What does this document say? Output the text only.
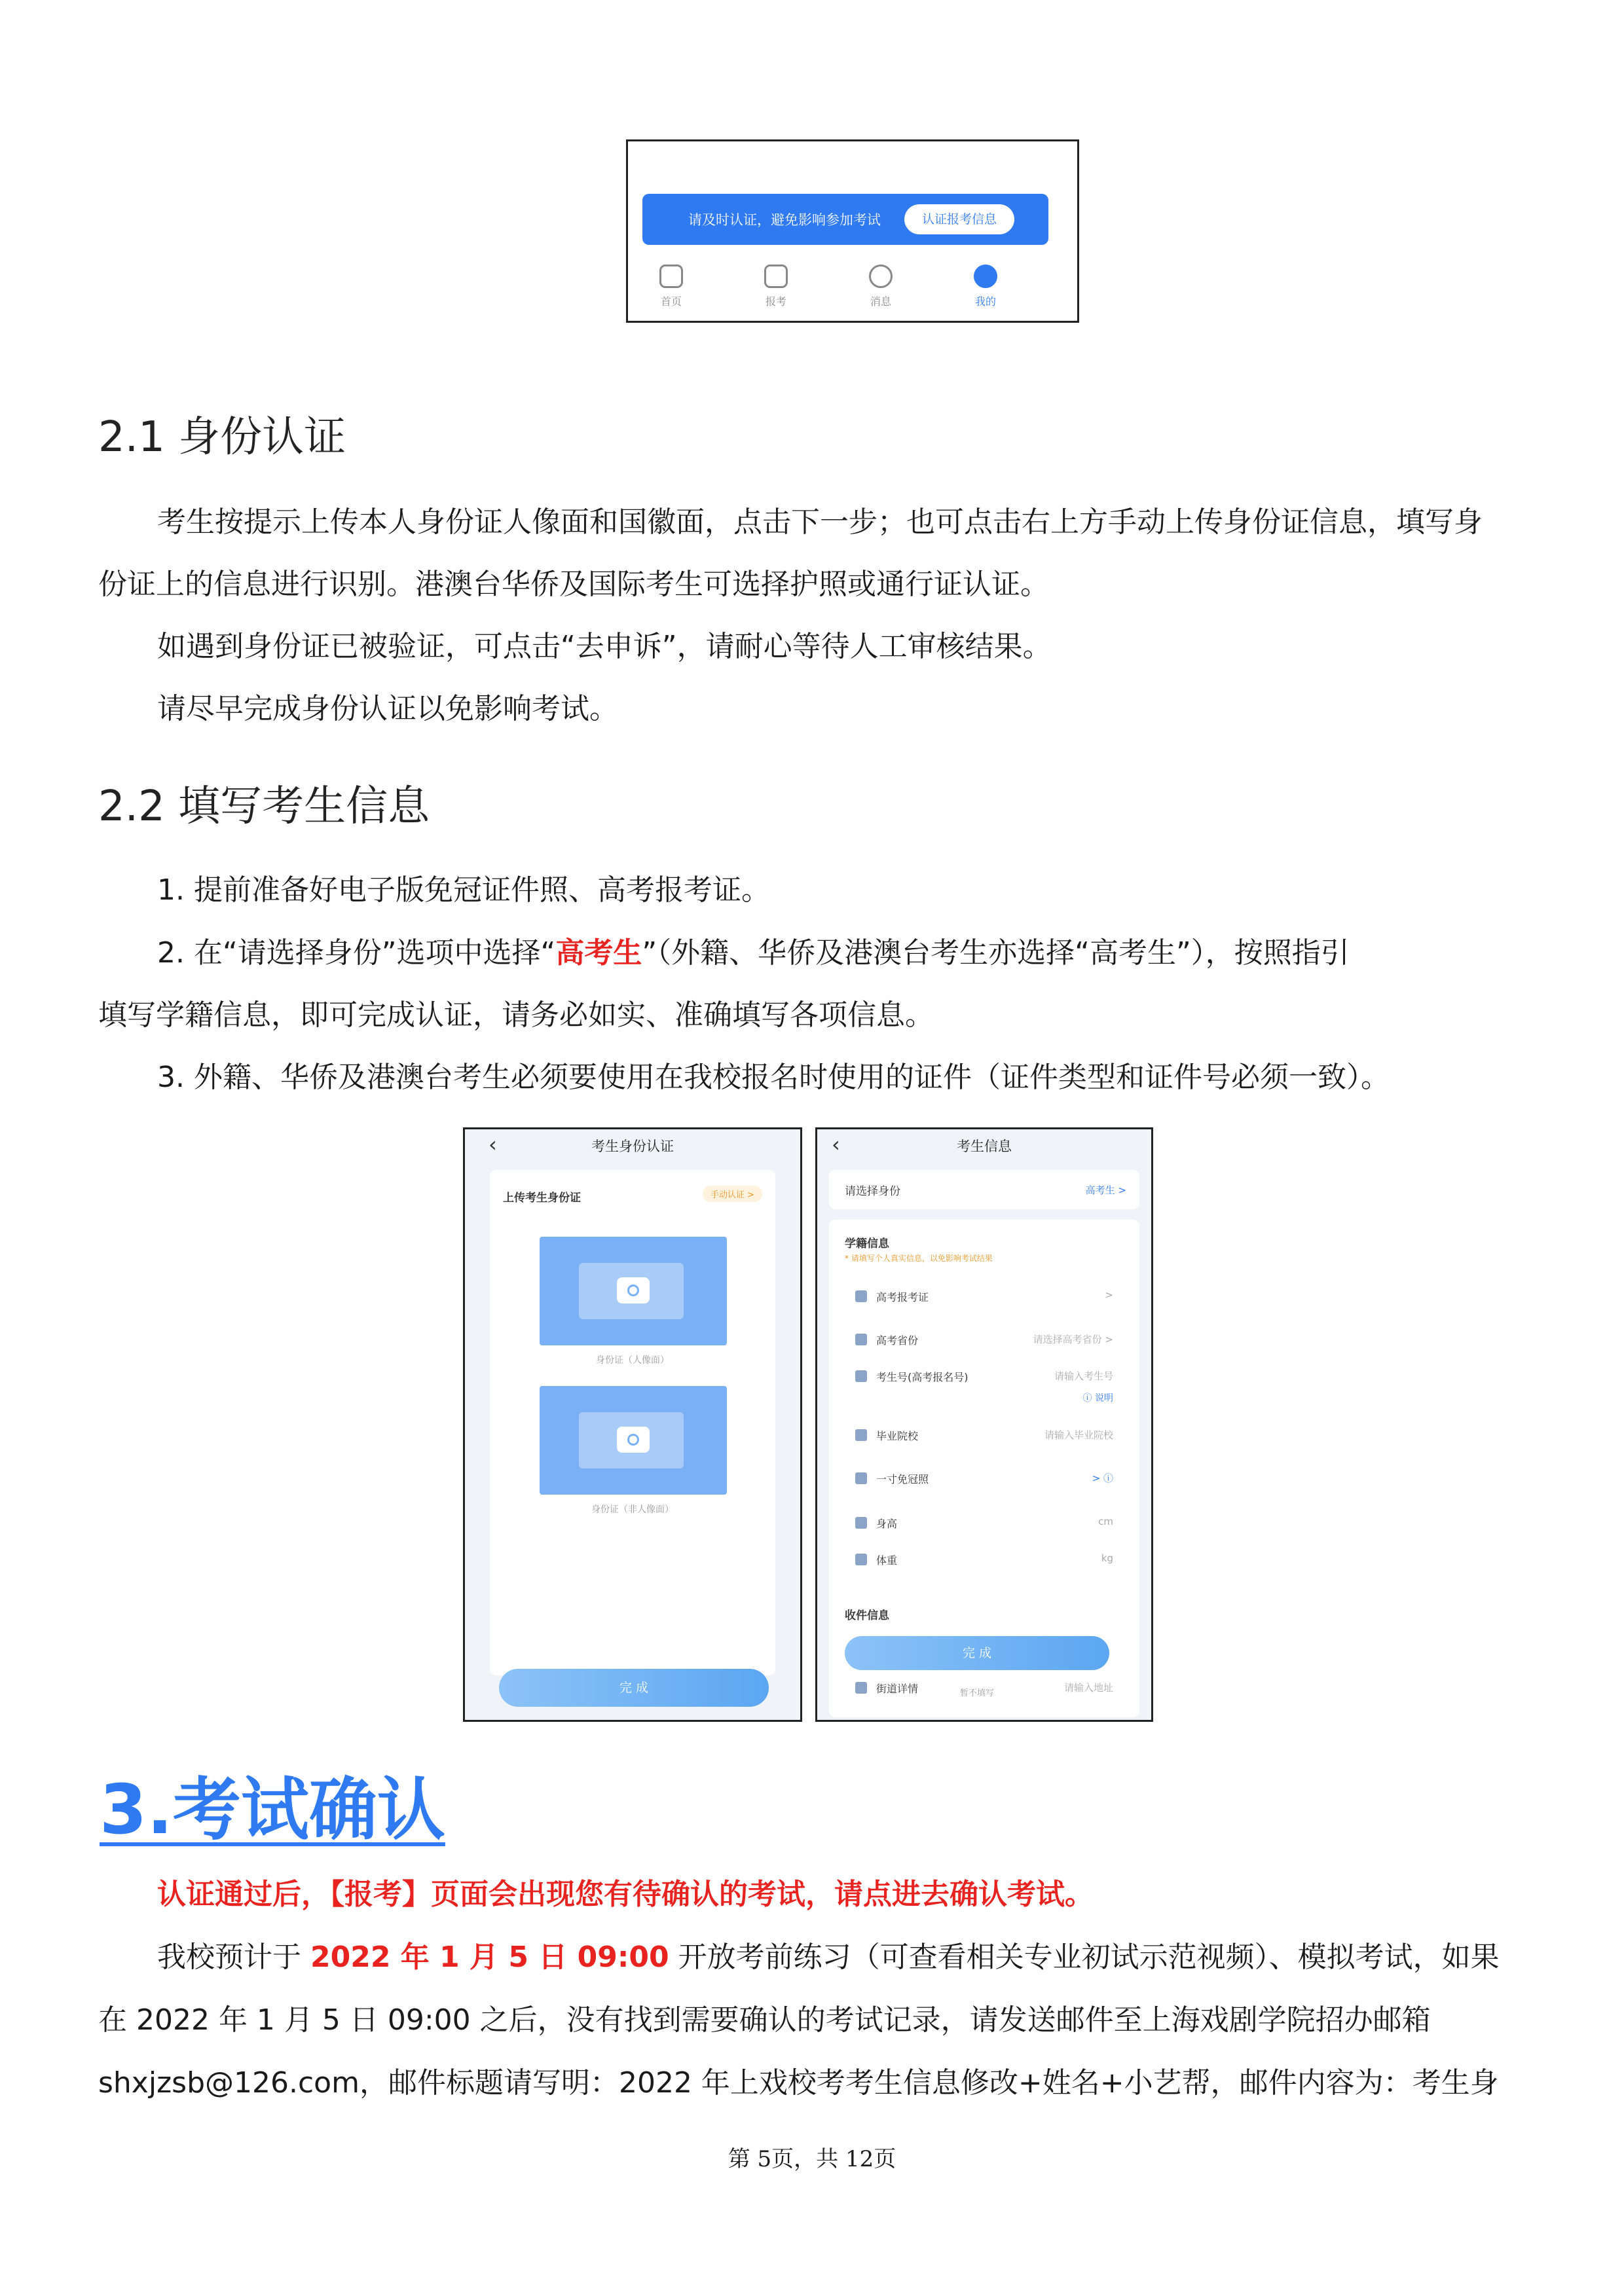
请及时认证，避免影响参加考试	认证报考信息
首页	报考	消息	我的
2.1 身份认证
考生按提示上传本人身份证人像面和国徽面，点击下一步；也可点击右上方手动上传身份证信息，填写身
份证上的信息进行识别。港澳台华侨及国际考生可选择护照或通行证认证。
如遇到身份证已被验证，可点击“去申诉”，请耐心等待人工审核结果。
请尽早完成身份认证以免影响考试。
2.2 填写考生信息
1. 提前准备好电子版免冠证件照、高考报考证。
2. 在“请选择身份”选项中选择“高考生”（外籍、华侨及港澳台考生亦选择“高考生”），按照指引
填写学籍信息，即可完成认证，请务必如实、准确填写各项信息。
3. 外籍、华侨及港澳台考生必须要使用在我校报名时使用的证件（证件类型和证件号必须一致）。
‹	考生身份认证
上传考生身份证	手动认证 >
身份证（人像面）
身份证（非人像面）
完 成
‹	考生信息
请选择身份	高考生 >
学籍信息
* 请填写个人真实信息，以免影响考试结果
高考报考证	>
高考省份	请选择高考省份 >
考生号(高考报名号)	请输入考生号
ⓘ 说明
毕业院校	请输入毕业院校
一寸免冠照	> ⓘ
身高	cm
体重	kg
收件信息
完 成
街道详情	请输入地址
暂不填写
3.考试确认
认证通过后，【报考】页面会出现您有待确认的考试，请点进去确认考试。
我校预计于 2022 年 1 月 5 日 09:00 开放考前练习（可查看相关专业初试示范视频）、模拟考试，如果
在 2022 年 1 月 5 日 09:00 之后，没有找到需要确认的考试记录，请发送邮件至上海戏剧学院招办邮箱
shxjzsb@126.com，邮件标题请写明：2022 年上戏校考考生信息修改+姓名+小艺帮，邮件内容为：考生身
第 5页，共 12页
